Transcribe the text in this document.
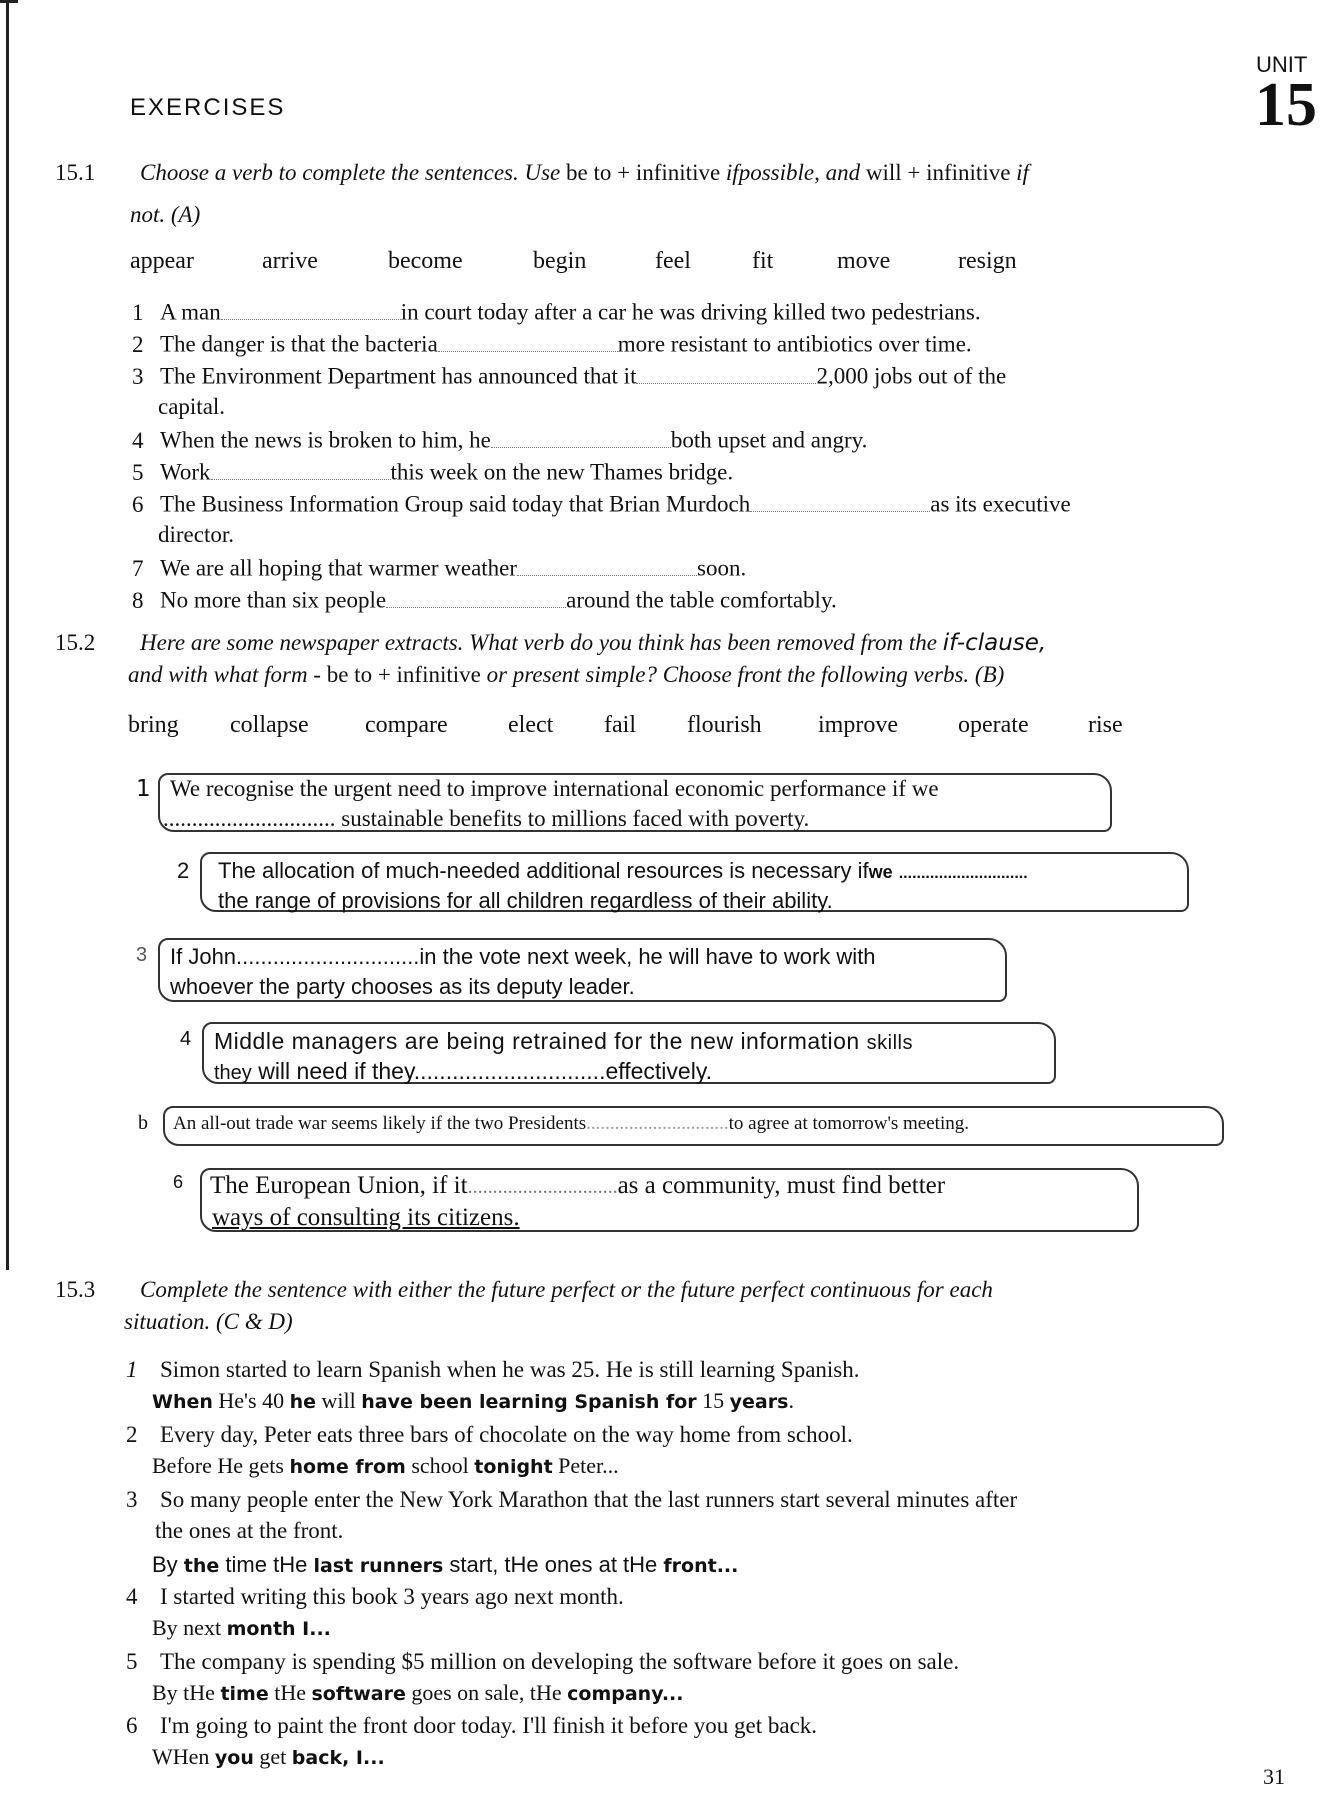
UNIT
15
EXERCISES
15.1 Choose a verb to complete the sentences. Use be to + infinitive ifpossible, and will + infinitive if
not. (A)
appear	arrive	become	begin	feel	fit	move	resign
1 A man	in court today after a car he was driving killed two pedestrians.
2 The danger is that the bacteria	more resistant to antibiotics over time.
3 The Environment Department has announced that it	2,000 jobs out of the
capital.
4 When the news is broken to him, he	both upset and angry.
5 Work	this week on the new Thames bridge.
6 The Business Information Group said today that Brian Murdoch	as its executive
director.
7 We are all hoping that warmer weather	soon.
8 No more than six people	around the table comfortably.
15.2 Here are some newspaper extracts. What verb do you think has been removed from the if-clause,
and with what form - be to + infinitive or present simple? Choose front the following verbs. (B)
bring collapse compare	elect fail flourish improve	operate rise
1 We recognise the urgent need to improve international economic performance if we
.............................. sustainable benefits to millions faced with poverty.
2 The allocation of much-needed additional resources is necessary ifwe .............................
the range of provisions for all children regardless of their ability.
3 If John..............................in the vote next week, he will have to work with
whoever the party chooses as its deputy leader.
4 Middle managers are being retrained for the new information skills
they will need if they..............................effectively.
b An all-out trade war seems likely if the two Presidents..............................to agree at tomorrow's meeting.
6 The European Union, if it..............................as a community, must find better
ways of consulting its citizens.
15.3 Complete the sentence with either the future perfect or the future perfect continuous for each
situation. (C & D)
1 Simon started to learn Spanish when he was 25. He is still learning Spanish.
When He's 40 he will have been learning Spanish for 15 years.
2 Every day, Peter eats three bars of chocolate on the way home from school.
Before He gets home from school tonight Peter...
3 So many people enter the New York Marathon that the last runners start several minutes after
the ones at the front.
By the time tHe last runners start, tHe ones at tHe front...
4 I started writing this book 3 years ago next month.
By next month I...
5 The company is spending $5 million on developing the software before it goes on sale.
By tHe time tHe software goes on sale, tHe company...
6 I'm going to paint the front door today. I'll finish it before you get back.
WHen you get back, I...
31
